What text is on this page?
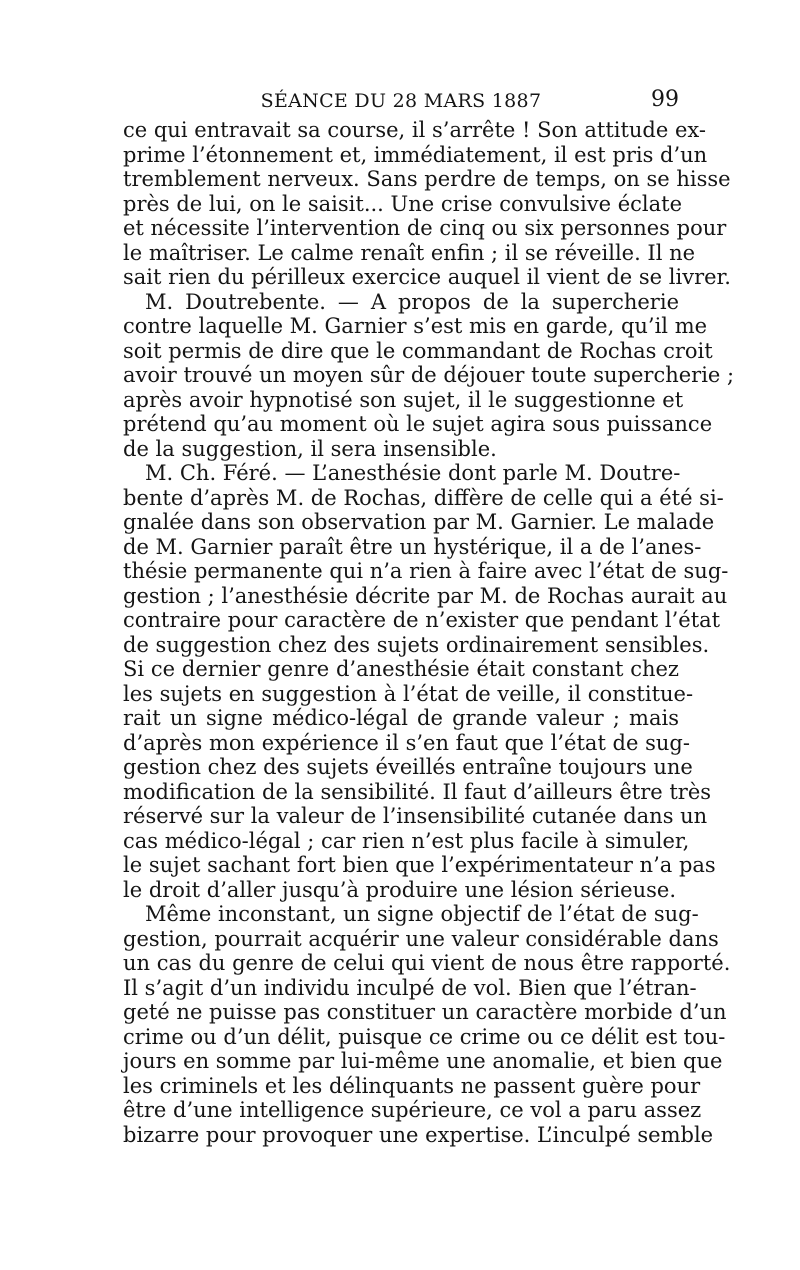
SÉANCE DU 28 MARS 1887	99
ce qui entravait sa course, il s’arrête ! Son attitude ex-
prime l’étonnement et, immédiatement, il est pris d’un
tremblement nerveux. Sans perdre de temps, on se hisse
près de lui, on le saisit... Une crise convulsive éclate
et nécessite l’intervention de cinq ou six personnes pour
le maîtriser. Le calme renaît enfin ; il se réveille. Il ne
sait rien du périlleux exercice auquel il vient de se livrer.
M. Doutrebente. — A propos de la supercherie
contre laquelle M. Garnier s’est mis en garde, qu’il me
soit permis de dire que le commandant de Rochas croit
avoir trouvé un moyen sûr de déjouer toute supercherie ;
après avoir hypnotisé son sujet, il le suggestionne et
prétend qu’au moment où le sujet agira sous puissance
de la suggestion, il sera insensible.
M. Ch. Féré. — L’anesthésie dont parle M. Doutre-
bente d’après M. de Rochas, diffère de celle qui a été si-
gnalée dans son observation par M. Garnier. Le malade
de M. Garnier paraît être un hystérique, il a de l’anes-
thésie permanente qui n’a rien à faire avec l’état de sug-
gestion ; l’anesthésie décrite par M. de Rochas aurait au
contraire pour caractère de n’exister que pendant l’état
de suggestion chez des sujets ordinairement sensibles.
Si ce dernier genre d’anesthésie était constant chez
les sujets en suggestion à l’état de veille, il constitue-
rait un signe médico-légal de grande valeur ; mais
d’après mon expérience il s’en faut que l’état de sug-
gestion chez des sujets éveillés entraîne toujours une
modification de la sensibilité. Il faut d’ailleurs être très
réservé sur la valeur de l’insensibilité cutanée dans un
cas médico-légal ; car rien n’est plus facile à simuler,
le sujet sachant fort bien que l’expérimentateur n’a pas
le droit d’aller jusqu’à produire une lésion sérieuse.
Même inconstant, un signe objectif de l’état de sug-
gestion, pourrait acquérir une valeur considérable dans
un cas du genre de celui qui vient de nous être rapporté.
Il s’agit d’un individu inculpé de vol. Bien que l’étran-
geté ne puisse pas constituer un caractère morbide d’un
crime ou d’un délit, puisque ce crime ou ce délit est tou-
jours en somme par lui-même une anomalie, et bien que
les criminels et les délinquants ne passent guère pour
être d’une intelligence supérieure, ce vol a paru assez
bizarre pour provoquer une expertise. L’inculpé semble
